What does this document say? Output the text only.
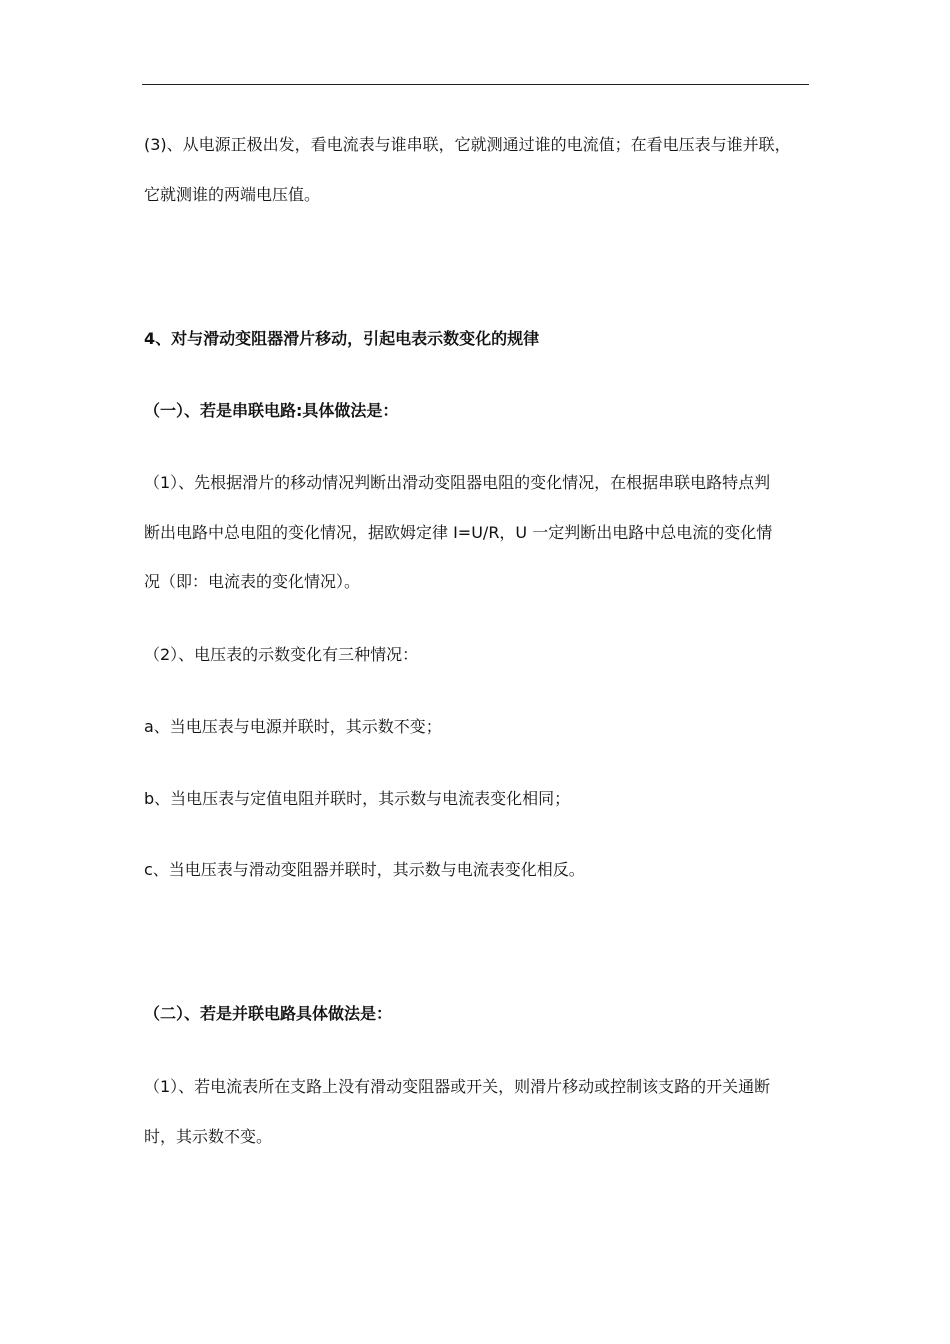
(3)、从电源正极出发，看电流表与谁串联，它就测通过谁的电流值；在看电压表与谁并联，
它就测谁的两端电压值。
4、对与滑动变阻器滑片移动，引起电表示数变化的规律
（一）、若是串联电路:具体做法是：
（1）、先根据滑片的移动情况判断出滑动变阻器电阻的变化情况，在根据串联电路特点判
断出电路中总电阻的变化情况，据欧姆定律 I=U/R，U 一定判断出电路中总电流的变化情
况（即：电流表的变化情况）。
（2）、电压表的示数变化有三种情况：
a、当电压表与电源并联时，其示数不变；
b、当电压表与定值电阻并联时，其示数与电流表变化相同；
c、当电压表与滑动变阻器并联时，其示数与电流表变化相反。
（二）、若是并联电路具体做法是：
（1）、若电流表所在支路上没有滑动变阻器或开关，则滑片移动或控制该支路的开关通断
时，其示数不变。
